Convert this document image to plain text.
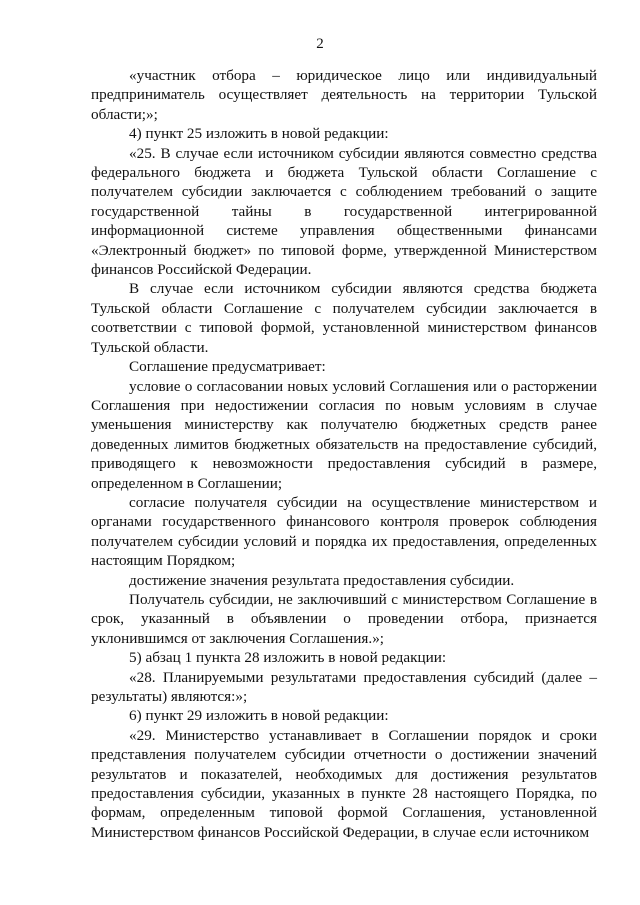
2

«участник отбора – юридическое лицо или индивидуальный предприниматель осуществляет деятельность на территории Тульской области;»;

4) пункт 25 изложить в новой редакции:

«25. В случае если источником субсидии являются совместно средства федерального бюджета и бюджета Тульской области Соглашение с получателем субсидии заключается с соблюдением требований о защите государственной тайны в государственной интегрированной информационной системе управления общественными финансами «Электронный бюджет» по типовой форме, утвержденной Министерством финансов Российской Федерации.

В случае если источником субсидии являются средства бюджета Тульской области Соглашение с получателем субсидии заключается в соответствии с типовой формой, установленной министерством финансов Тульской области.

Соглашение предусматривает:

условие о согласовании новых условий Соглашения или о расторжении Соглашения при недостижении согласия по новым условиям в случае уменьшения министерству как получателю бюджетных средств ранее доведенных лимитов бюджетных обязательств на предоставление субсидий, приводящего к невозможности предоставления субсидий в размере, определенном в Соглашении;

согласие получателя субсидии на осуществление министерством и органами государственного финансового контроля проверок соблюдения получателем субсидии условий и порядка их предоставления, определенных настоящим Порядком;

достижение значения результата предоставления субсидии.

Получатель субсидии, не заключивший с министерством Соглашение в срок, указанный в объявлении о проведении отбора, признается уклонившимся от заключения Соглашения.»;

5) абзац 1 пункта 28 изложить в новой редакции:

«28. Планируемыми результатами предоставления субсидий (далее – результаты) являются:»;

6) пункт 29 изложить в новой редакции:

«29. Министерство устанавливает в Соглашении порядок и сроки представления получателем субсидии отчетности о достижении значений результатов и показателей, необходимых для достижения результатов предоставления субсидии, указанных в пункте 28 настоящего Порядка, по формам, определенным типовой формой Соглашения, установленной Министерством финансов Российской Федерации, в случае если источником
